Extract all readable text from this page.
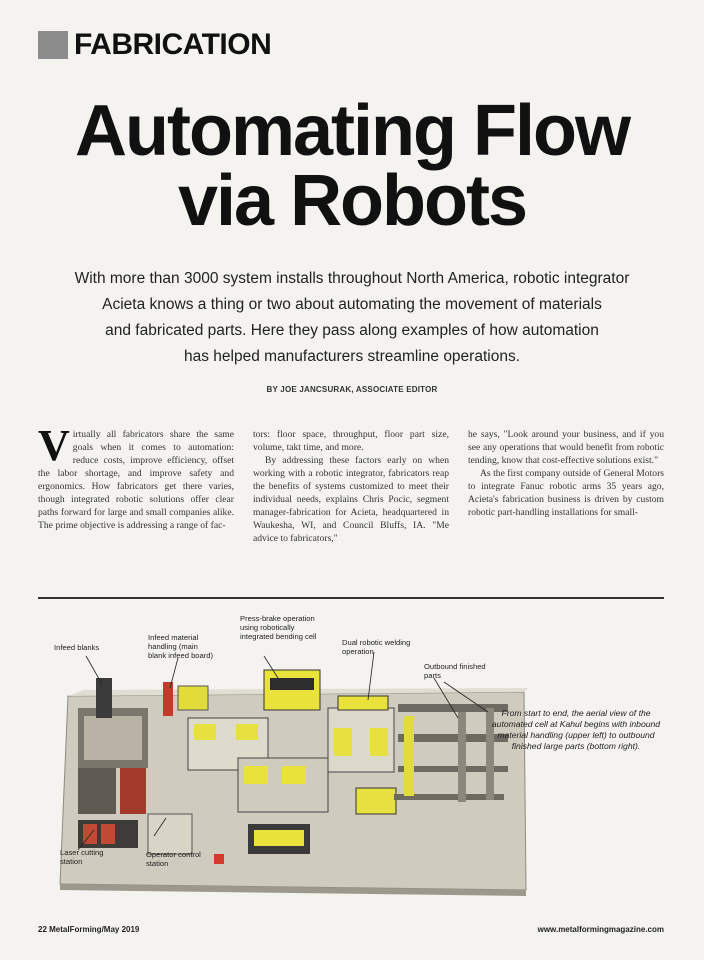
FABRICATION
Automating Flow
via Robots
With more than 3000 system installs throughout North America, robotic integrator
Acieta knows a thing or two about automating the movement of materials
and fabricated parts. Here they pass along examples of how automation
has helped manufacturers streamline operations.
BY JOE JANCSURAK, ASSOCIATE EDITOR

Virtually all fabricators share the same goals when it comes to automation: reduce costs, improve efficiency, offset the labor shortage, and improve safety and ergonomics. How fabricators get there varies, though integrated robotic solutions offer clear paths forward for large and small companies alike. The prime objective is addressing a range of fac-

tors: floor space, throughput, floor part size, volume, takt time, and more.

By addressing these factors early on when working with a robotic integrator, fabricators reap the benefits of systems customized to meet their individual needs, explains Chris Pocic, segment manager-fabrication for Acieta, headquartered in Waukesha, WI, and Council Bluffs, IA. "Me advice to fabricators,"

he says, "Look around your business, and if you see any operations that would benefit from robotic tending, know that cost-effective solutions exist."

As the first company outside of General Motors to integrate Fanuc robotic arms 35 years ago, Acieta's fabrication business is driven by custom robotic part-handling installations for small-

Infeed blanks
Infeed material handling (main blank infeed board)
Press-brake operation using robotically integrated bending cell
Dual robotic welding operation
Outbound finished parts
Laser cutting station
Operator control station
From start to end, the aerial view of the automated cell at Kahul begins with inbound material handling (upper left) to outbound finished large parts (bottom right).
22 MetalForming/May 2019	www.metalformingmagazine.com
